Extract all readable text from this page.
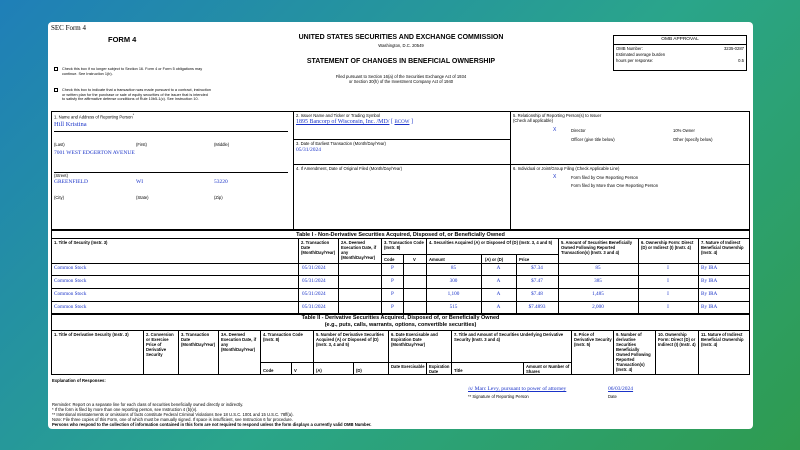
SEC Form 4
FORM 4	UNITED STATES SECURITIES AND EXCHANGE COMMISSION
Washington, D.C. 20549
STATEMENT OF CHANGES IN BENEFICIAL OWNERSHIP
Filed pursuant to Section 16(a) of the Securities Exchange Act of 1934
or Section 30(h) of the Investment Company Act of 1940
OMB APPROVAL
OMB Number:	3235-0287
Estimated average burden
hours per response:	0.5
Check this box if no longer subject to Section 16. Form 4 or Form 5 obligations may continue. See Instruction 1(b).
Check this box to indicate that a transaction was made pursuant to a contract, instruction or written plan for the purchase or sale of equity securities of the issuer that is intended to satisfy the affirmative defense conditions of Rule 10b5-1(c). See Instruction 10.
1. Name and Address of Reporting Person*
Hill Kristina
(Last)	(First)	(Middle)
7001 WEST EDGERTON AVENUE
(Street)
GREENFIELD	WI	53220
(City)	(State)	(Zip)
2. Issuer Name and Ticker or Trading Symbol
1895 Bancorp of Wisconsin, Inc. /MD/ [ BCOW ]
3. Date of Earliest Transaction (Month/Day/Year)
05/31/2024
4. If Amendment, Date of Original Filed (Month/Day/Year)
5. Relationship of Reporting Person(s) to Issuer
(Check all applicable)
X	Director	10% Owner
Officer (give title below)	Other (specify below)
6. Individual or Joint/Group Filing (Check Applicable Line)
X	Form filed by One Reporting Person
Form filed by More than One Reporting Person
Table I - Non-Derivative Securities Acquired, Disposed of, or Beneficially Owned
1. Title of Security (Instr. 3)	2. Transaction Date (Month/Day/Year)
2A. Deemed Execution Date, if any (Month/Day/Year)
3. Transaction Code (Instr. 8)
4. Securities Acquired (A) or Disposed Of (D) (Instr. 3, 4 and 5)	5. Amount of Securities Beneficially Owned Following Reported Transaction(s) (Instr. 3 and 4)
6. Ownership Form: Direct (D) or Indirect (I) (Instr. 4)
7. Nature of Indirect Beneficial Ownership (Instr. 4)
Code	V	Amount	(A) or (D)	Price
Common Stock	05/31/2024	P	85	A	$7.34	85	I	By IRA
Common Stock	05/31/2024	P	300	A	$7.47	385	I	By IRA
Common Stock	05/31/2024	P	1,100	A	$7.48	1,485	I	By IRA
Common Stock	05/31/2024	P	515	A	$7.4893	2,000	I	By IRA
Table II - Derivative Securities Acquired, Disposed of, or Beneficially Owned
(e.g., puts, calls, warrants, options, convertible securities)
1. Title of Derivative Security (Instr. 3)	2. Conversion or Exercise Price of Derivative Security
3. Transaction Date (Month/Day/Year)
3A. Deemed Execution Date, if any (Month/Day/Year)
4. Transaction Code (Instr. 8)
5. Number of Derivative Securities Acquired (A) or Disposed of (D) (Instr. 3, 4 and 5)
6. Date Exercisable and Expiration Date (Month/Day/Year)
7. Title and Amount of Securities Underlying Derivative Security (Instr. 3 and 4)
8. Price of Derivative Security (Instr. 5)
9. Number of derivative Securities Beneficially Owned Following Reported Transaction(s) (Instr. 4)
10. Ownership Form: Direct (D) or Indirect (I) (Instr. 4)
11. Nature of Indirect Beneficial Ownership (Instr. 4)
Code	V	(A)	(D)
Date Exercisable Expiration Date	Title
Amount or Number of Shares
Explanation of Responses:
/s/ Marc Levy, pursuant to power of attorney	06/03/2024
** Signature of Reporting Person	Date
Reminder: Report on a separate line for each class of securities beneficially owned directly or indirectly.
* If the form is filed by more than one reporting person, see Instruction 4 (b)(v).
** Intentional misstatements or omissions of facts constitute Federal Criminal Violations See 18 U.S.C. 1001 and 15 U.S.C. 78ff(a).
Note: File three copies of this Form, one of which must be manually signed. If space is insufficient, see Instruction 6 for procedure.
Persons who respond to the collection of information contained in this form are not required to respond unless the form displays a currently valid OMB Number.
